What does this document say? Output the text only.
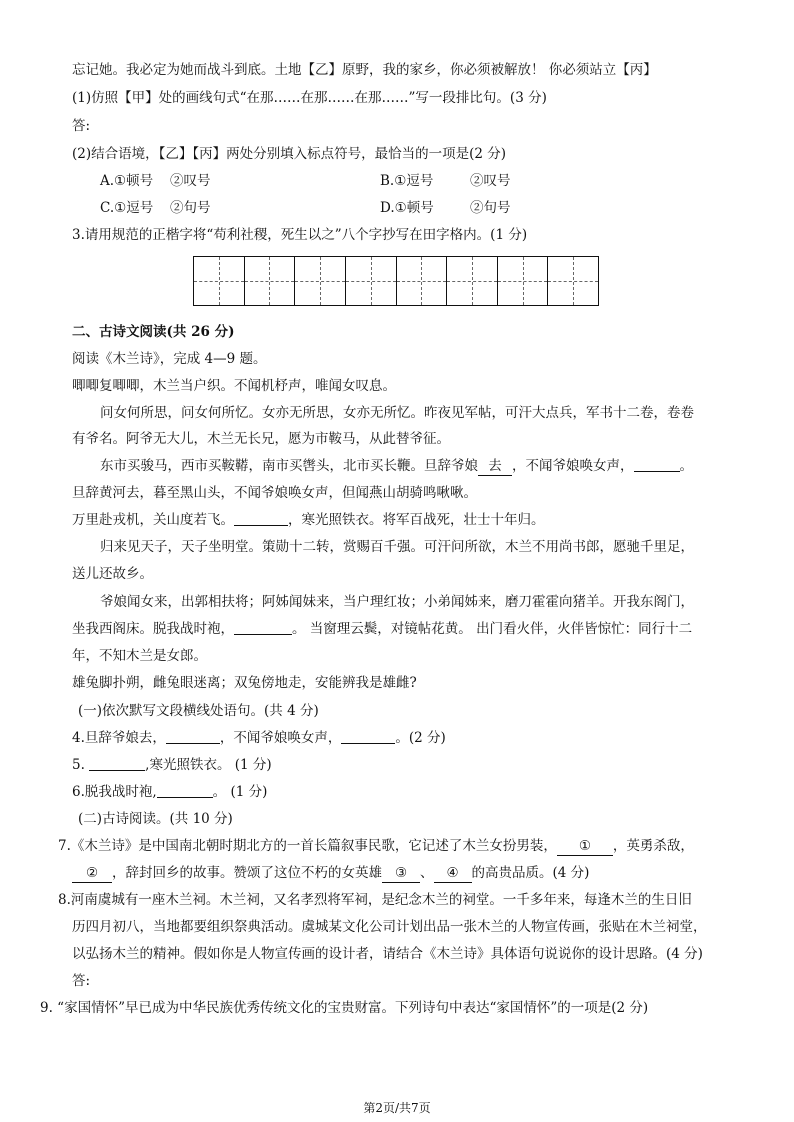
忘记她。我必定为她而战斗到底。土地【乙】原野，我的家乡，你必须被解放！ 你必须站立【丙】
(1)仿照【甲】处的画线句式“在那……在那……在那……”写一段排比句。(3 分)
答:
(2)结合语境，【乙】【丙】两处分别填入标点符号，最恰当的一项是(2 分)
A.①顿号 ②叹号	B.①逗号	②叹号
C.①逗号 ②句号	D.①顿号	②句号
3.请用规范的正楷字将“苟利社稷，死生以之”八个字抄写在田字格内。(1 分)
二、古诗文阅读(共 26 分)
阅读《木兰诗》，完成 4—9 题。
唧唧复唧唧，木兰当户织。不闻机杼声，唯闻女叹息。
问女何所思，问女何所忆。女亦无所思，女亦无所忆。昨夜见军帖，可汗大点兵，军书十二卷，卷卷
有爷名。阿爷无大儿，木兰无长兄，愿为市鞍马，从此替爷征。
东市买骏马，西市买鞍鞯，南市买辔头，北市买长鞭。旦辞爷娘 去 ，不闻爷娘唤女声，	。
旦辞黄河去，暮至黑山头，不闻爷娘唤女声，但闻燕山胡骑鸣啾啾。
万里赴戎机，关山度若飞。	，寒光照铁衣。将军百战死，壮士十年归。
归来见天子，天子坐明堂。策勋十二转，赏赐百千强。可汗问所欲，木兰不用尚书郎，愿驰千里足，
送儿还故乡。
爷娘闻女来，出郭相扶将；阿姊闻妹来，当户理红妆；小弟闻姊来，磨刀霍霍向猪羊。开我东阁门，
坐我西阁床。脱我战时袍，	。 当窗理云鬓，对镜帖花黄。 出门看火伴，火伴皆惊忙：同行十二
年，不知木兰是女郎。
雄兔脚扑朔，雌兔眼迷离；双兔傍地走，安能辨我是雄雌?
(一)依次默写文段横线处语句。(共 4 分)
4.旦辞爷娘去，	，不闻爷娘唤女声，	。(2 分)
5.	,寒光照铁衣。 (1 分)
6.脱我战时袍,	。 (1 分)
(二)古诗阅读。(共 10 分)
7.《木兰诗》是中国南北朝时期北方的一首长篇叙事民歌，它记述了木兰女扮男装， ① ，英勇杀敌，
② ，辞封回乡的故事。赞颂了这位不朽的女英雄 ③ 、 ④ 的高贵品质。(4 分)
8.河南虞城有一座木兰祠。木兰祠，又名孝烈将军祠，是纪念木兰的祠堂。一千多年来，每逢木兰的生日旧
历四月初八，当地都要组织祭典活动。虞城某文化公司计划出品一张木兰的人物宣传画，张贴在木兰祠堂，
以弘扬木兰的精神。假如你是人物宣传画的设计者，请结合《木兰诗》具体语句说说你的设计思路。(4 分)
答:
9. “家国情怀”早已成为中华民族优秀传统文化的宝贵财富。下列诗句中表达“家国情怀”的一项是(2 分)
第2页/共7页
